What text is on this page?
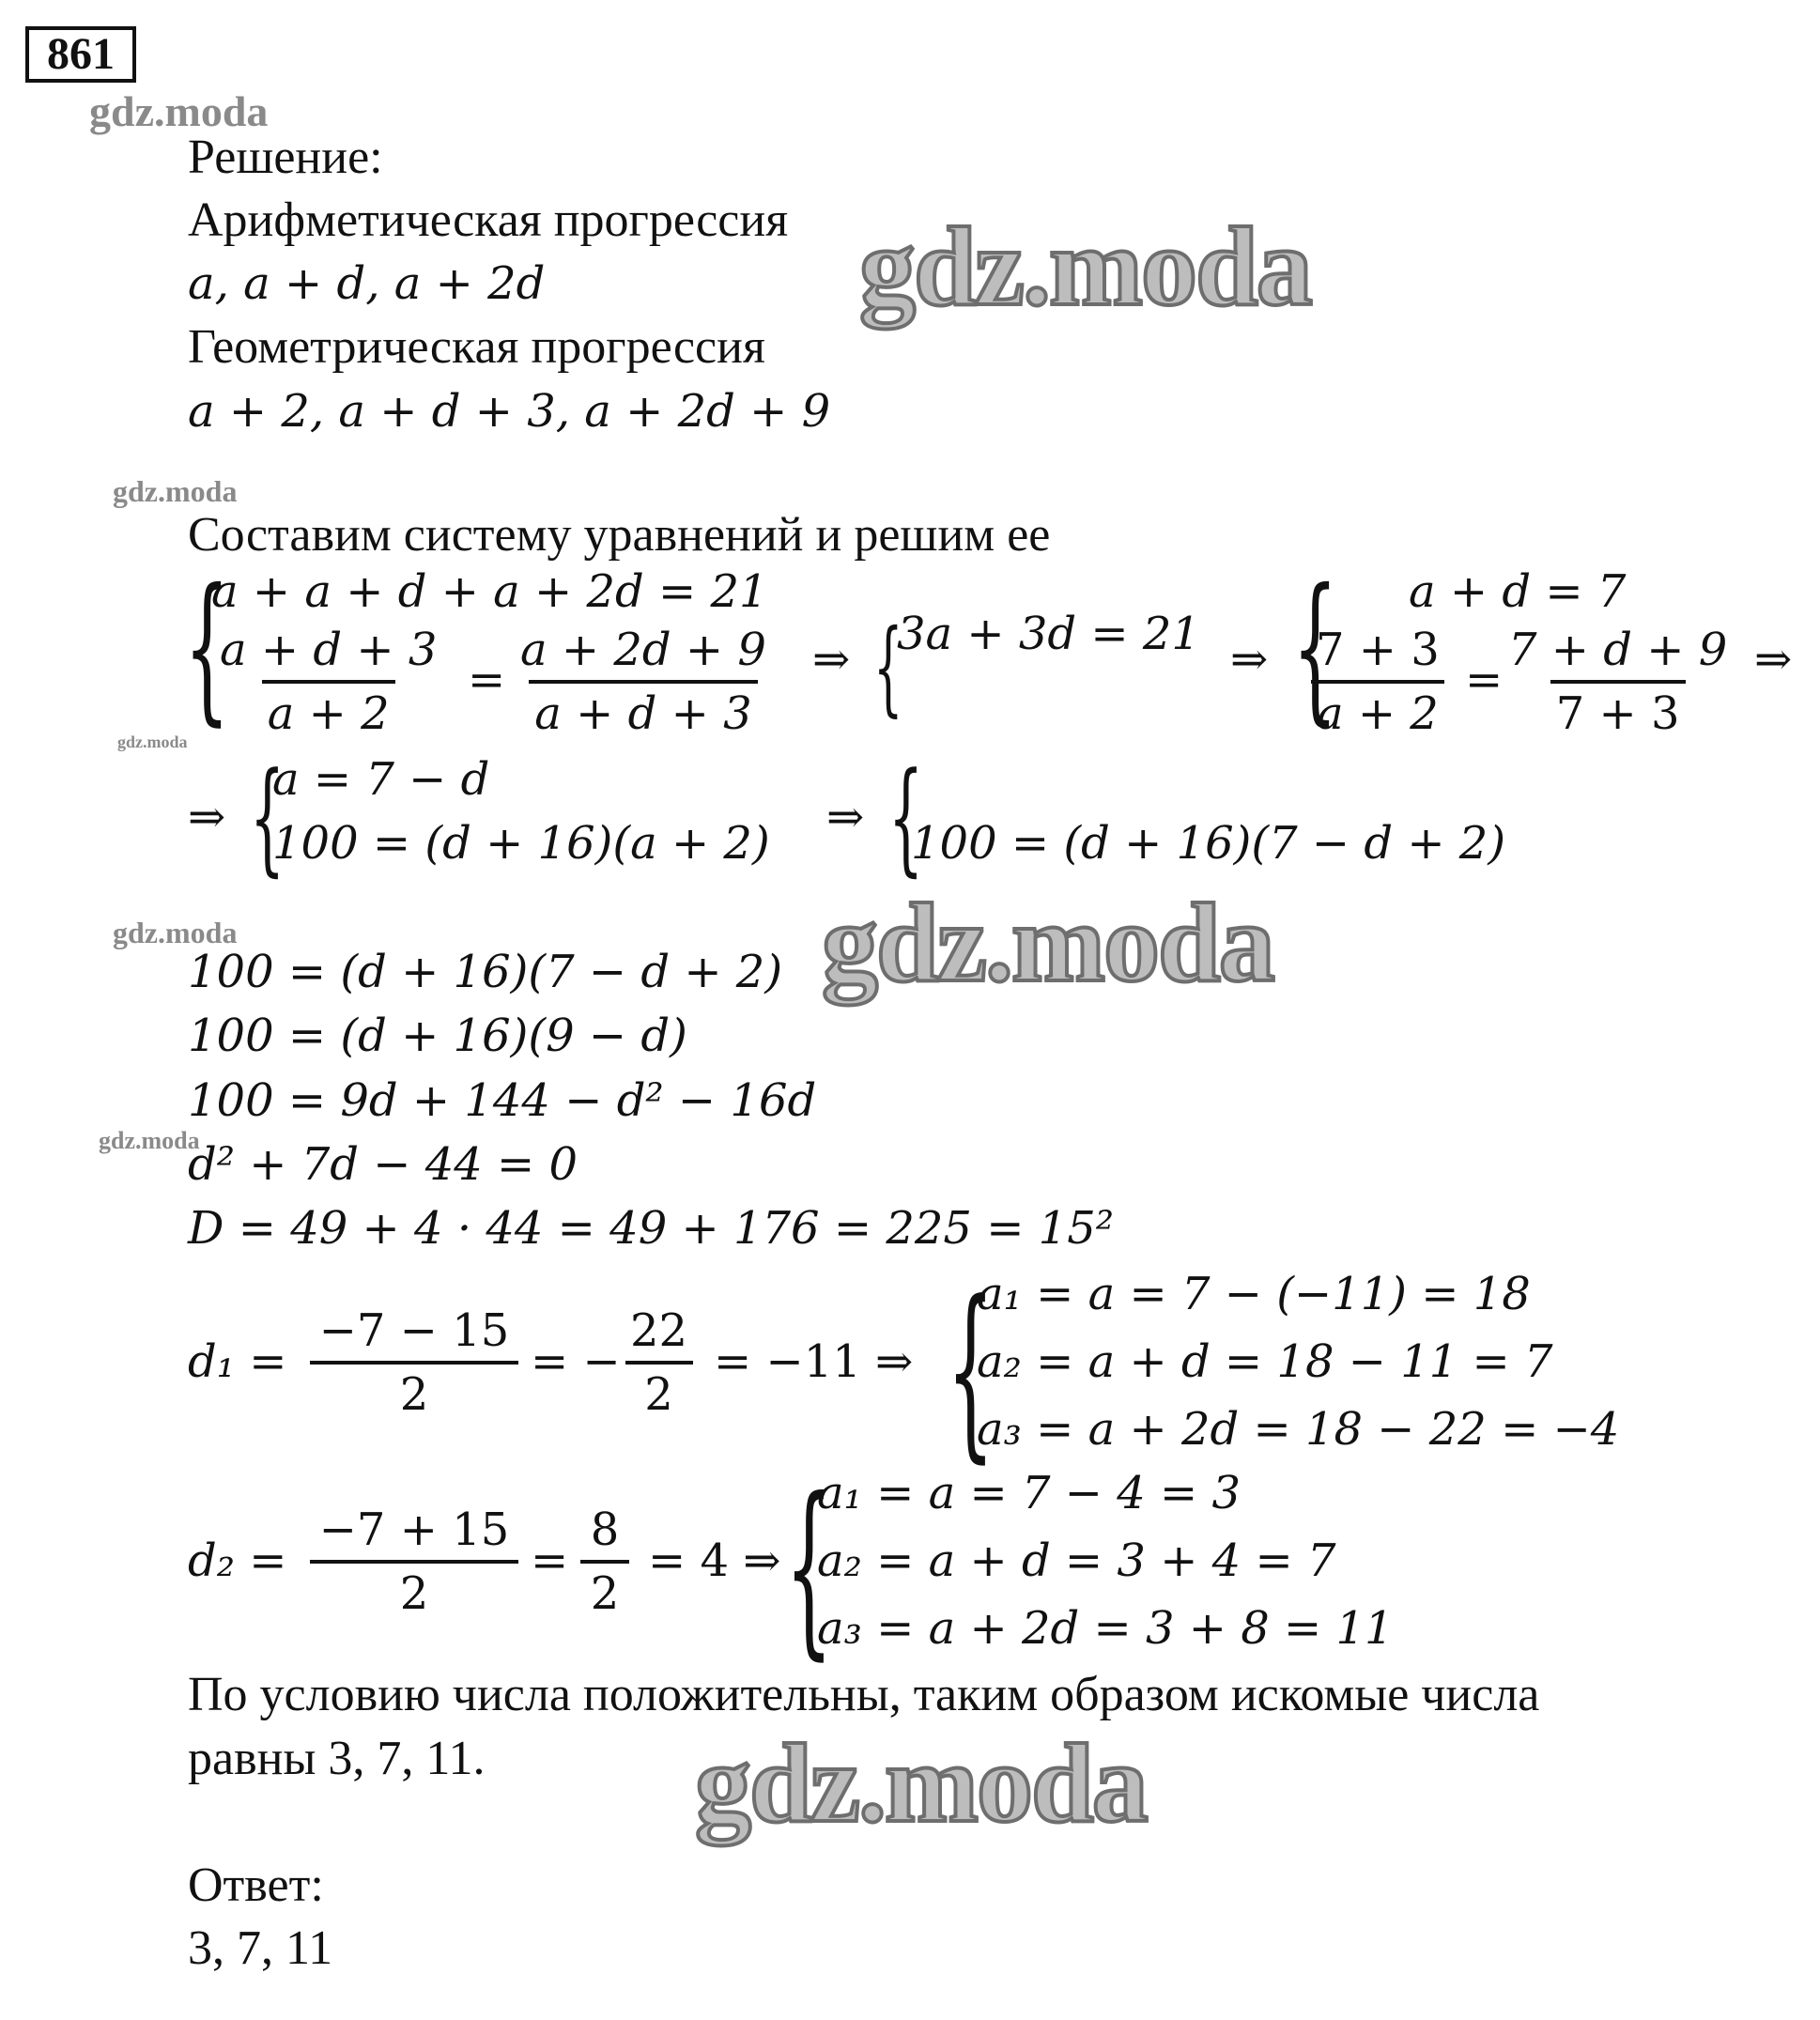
861
gdz.moda
gdz.moda
gdz.moda
gdz.moda
gdz.moda
gdz.moda
gdz.moda
gdz.moda
Решение:
Арифметическая прогрессия
a, a + d, a + 2d
Геометрическая прогрессия
a + 2, a + d + 3, a + 2d + 9
Составим систему уравнений и решим ее
{
a + a + d + a + 2d = 21
$\frac{a + d + 3}{a + 2} = \frac{a + 2d + 9}{a + d + 3}$ ⇒ {
3a + 3d = 21 ⇒ { a + d = 7
$\frac{7 + 3}{a + 2} = \frac{7 + d + 9}{7 + 3}$ ⇒
⇒ {
a = 7 − d
100 = (d + 16)(a + 2) ⇒ {
100 = (d + 16)(7 − d + 2)
100 = (d + 16)(7 − d + 2)
100 = (d + 16)(9 − d)
100 = 9d + 144 − d² − 16d
d² + 7d − 44 = 0
D = 49 + 4 · 44 = 49 + 176 = 225 = 15²
$d_1 = \frac{-7 - 15}{2}$ = − $\frac{22}{2} = -11$ ⇒ {
a₁ = a = 7 − (−11) = 18
a₂ = a + d = 18 − 11 = 7
a₃ = a + 2d = 18 − 22 = −4
$d_2 = \frac{-7 + 15}{2} = \frac{8}{2} = 4$ ⇒ {
a₁ = a = 7 − 4 = 3
a₂ = a + d = 3 + 4 = 7
a₃ = a + 2d = 3 + 8 = 11
По условию числа положительны, таким образом искомые числа
равны 3, 7, 11.
Ответ:
3, 7, 11
